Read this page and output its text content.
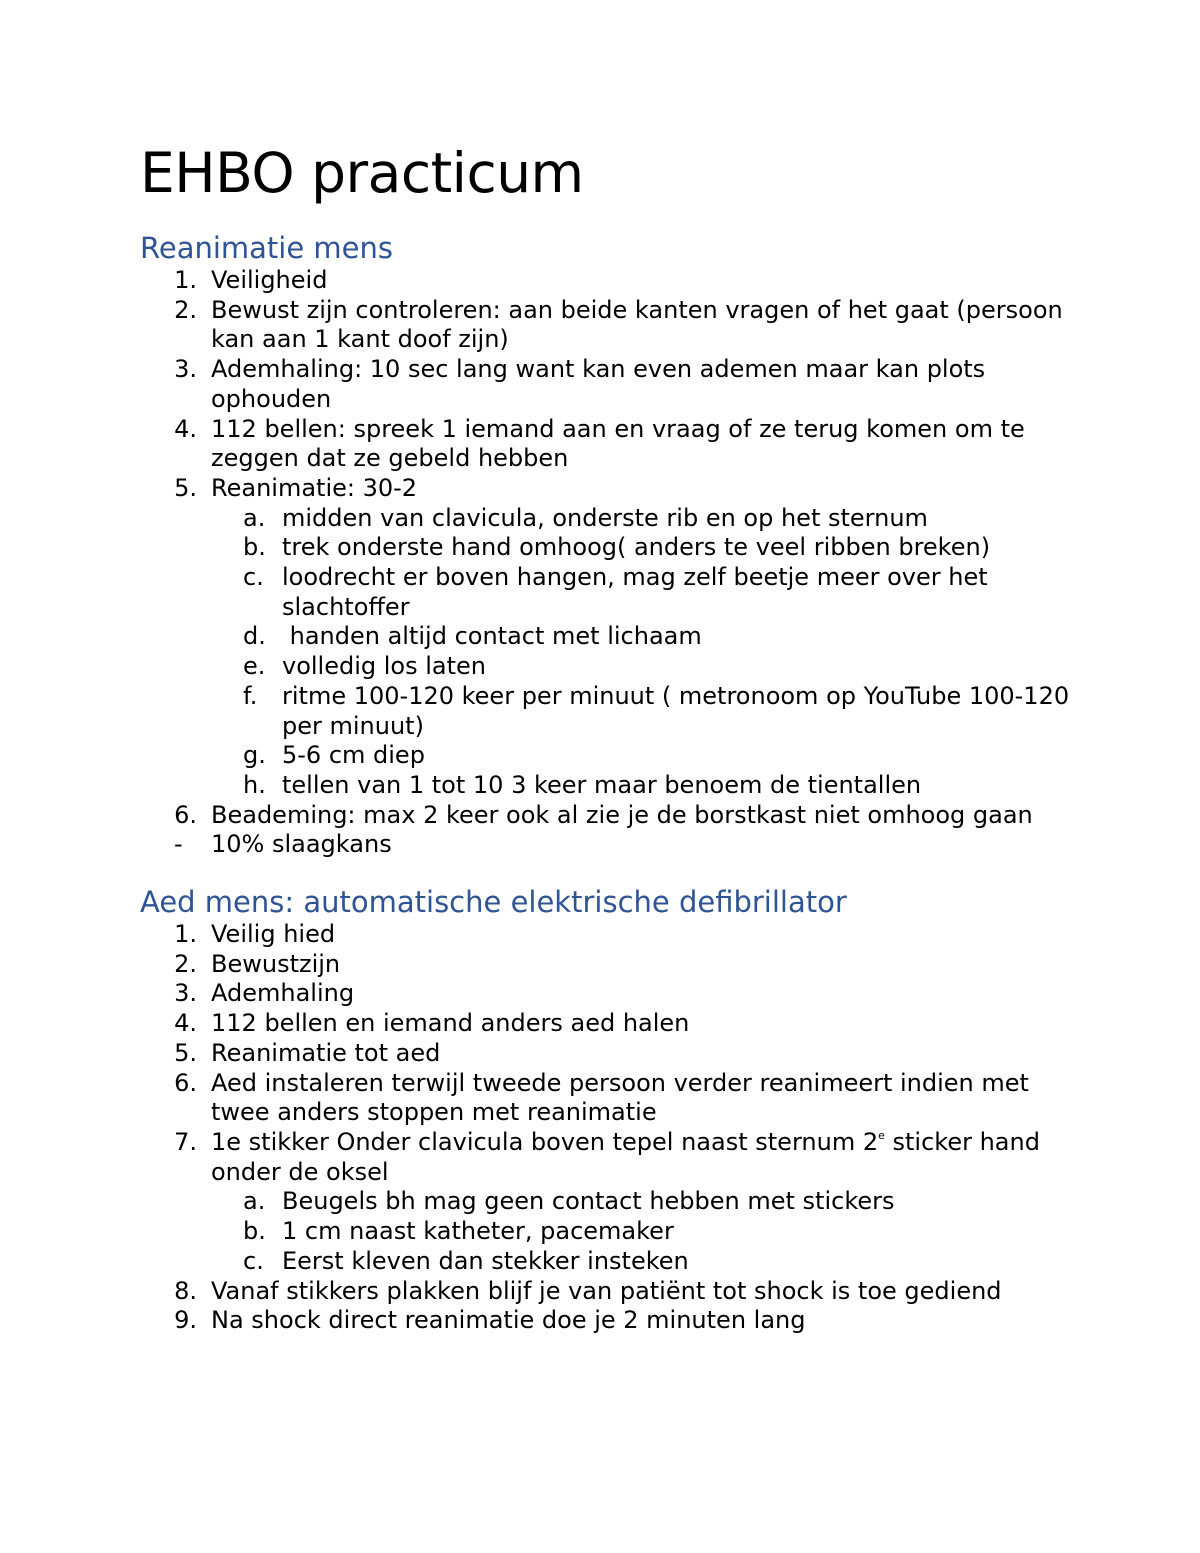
EHBO practicum
Reanimatie mens
1. Veiligheid
2. Bewust zijn controleren: aan beide kanten vragen of het gaat (persoon kan aan 1 kant doof zijn)
3. Ademhaling: 10 sec lang want kan even ademen maar kan plots ophouden
4. 112 bellen: spreek 1 iemand aan en vraag of ze terug komen om te zeggen dat ze gebeld hebben
5. Reanimatie: 30-2
a. midden van clavicula, onderste rib en op het sternum
b. trek onderste hand omhoog( anders te veel ribben breken)
c. loodrecht er boven hangen, mag zelf beetje meer over het slachtoffer
d. handen altijd contact met lichaam
e. volledig los laten
f.	ritme 100-120 keer per minuut ( metronoom op YouTube 100-120 per minuut)
g. 5-6 cm diep
h. tellen van 1 tot 10 3 keer maar benoem de tientallen
6. Beademing: max 2 keer ook al zie je de borstkast niet omhoog gaan
-	10% slaagkans
Aed mens: automatische elektrische defibrillator
1. Veilig hied
2. Bewustzijn
3. Ademhaling
4. 112 bellen en iemand anders aed halen
5. Reanimatie tot aed
6. Aed instaleren terwijl tweede persoon verder reanimeert indien met twee anders stoppen met reanimatie
7. 1e stikker Onder clavicula boven tepel naast sternum 2e sticker hand onder de oksel
a. Beugels bh mag geen contact hebben met stickers
b. 1 cm naast katheter, pacemaker
c. Eerst kleven dan stekker insteken
8. Vanaf stikkers plakken blijf je van patiënt tot shock is toe gediend
9. Na shock direct reanimatie doe je 2 minuten lang
